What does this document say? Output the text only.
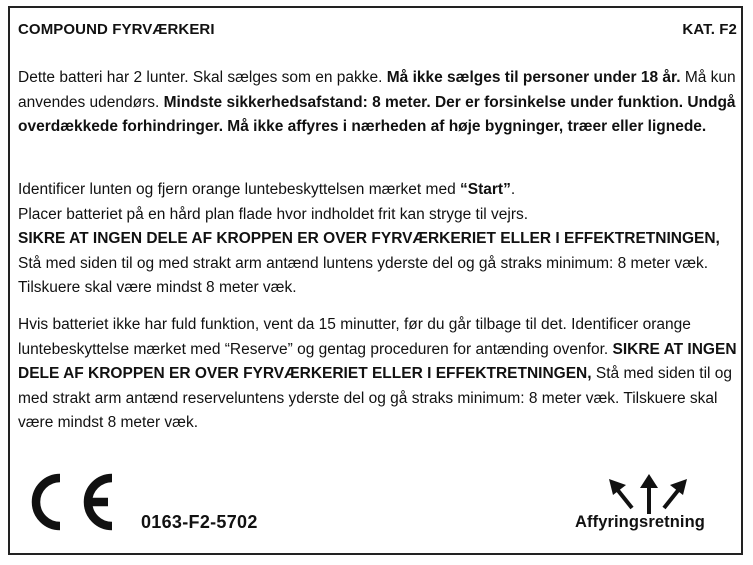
COMPOUND FYRVÆRKERI	KAT. F2

Dette batteri har 2 lunter. Skal sælges som en pakke. Må ikke sælges til personer under 18 år. Må kun anvendes udendørs. Mindste sikkerhedsafstand: 8 meter. Der er forsinkelse under funktion. Undgå overdækkede forhindringer. Må ikke affyres i nærheden af høje bygninger, træer eller lignede.

Identificer lunten og fjern orange luntebeskyttelsen mærket med “Start”.

Placer batteriet på en hård plan flade hvor indholdet frit kan stryge til vejrs.

SIKRE AT INGEN DELE AF KROPPEN ER OVER FYRVÆRKERIET ELLER I EFFEKTRETNINGEN, Stå med siden til og med strakt arm antænd luntens yderste del og gå straks minimum: 8 meter væk. Tilskuere skal være mindst 8 meter væk.

Hvis batteriet ikke har fuld funktion, vent da 15 minutter, før du går tilbage til det. Identificer orange luntebeskyttelse mærket med “Reserve” og gentag proceduren for antænding ovenfor. SIKRE AT INGEN DELE AF KROPPEN ER OVER FYRVÆRKERIET ELLER I EFFEKTRETNINGEN, Stå med siden til og med strakt arm antænd reserveluntens yderste del og gå straks minimum: 8 meter væk. Tilskuere skal være mindst 8 meter væk.

0163-F2-5702	Affyringsretning
